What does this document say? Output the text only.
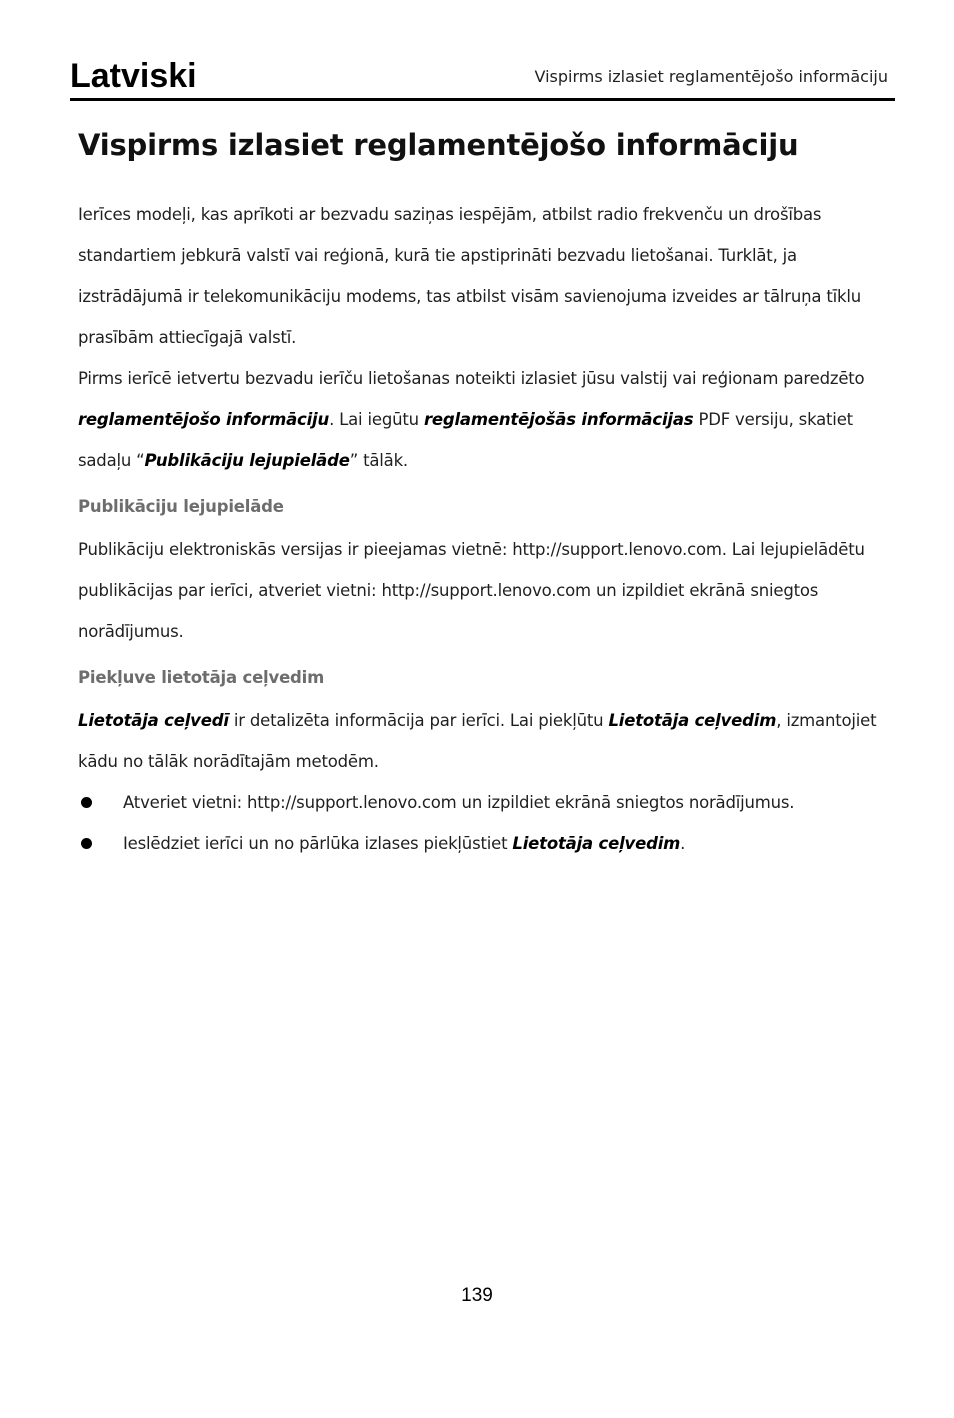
Latviski	Vispirms izlasiet reglamentējošo informāciju
Vispirms izlasiet reglamentējošo informāciju

Ierīces modeļi, kas aprīkoti ar bezvadu saziņas iespējām, atbilst radio frekvenču un drošības standartiem jebkurā valstī vai reģionā, kurā tie apstiprināti bezvadu lietošanai. Turklāt, ja izstrādājumā ir telekomunikāciju modems, tas atbilst visām savienojuma izveides ar tālruņa tīklu prasībām attiecīgajā valstī.

Pirms ierīcē ietvertu bezvadu ierīču lietošanas noteikti izlasiet jūsu valstij vai reģionam paredzēto reglamentējošo informāciju. Lai iegūtu reglamentējošās informācijas PDF versiju, skatiet sadaļu “Publikāciju lejupielāde” tālāk.

Publikāciju lejupielāde

Publikāciju elektroniskās versijas ir pieejamas vietnē: http://support.lenovo.com. Lai lejupielādētu publikācijas par ierīci, atveriet vietni: http://support.lenovo.com un izpildiet ekrānā sniegtos norādījumus.

Piekļuve lietotāja ceļvedim

Lietotāja ceļvedī ir detalizēta informācija par ierīci. Lai piekļūtu Lietotāja ceļvedim, izmantojiet kādu no tālāk norādītajām metodēm.

Atveriet vietni: http://support.lenovo.com un izpildiet ekrānā sniegtos norādījumus.
Ieslēdziet ierīci un no pārlūka izlases piekļūstiet Lietotāja ceļvedim.
139
